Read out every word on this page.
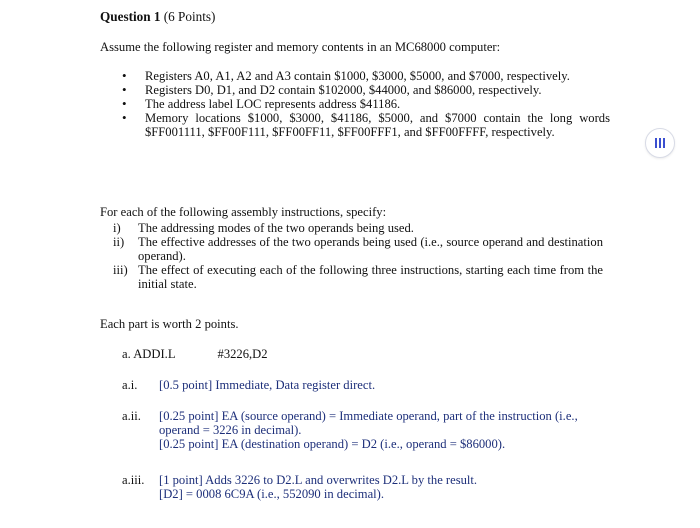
Question 1 (6 Points)
Assume the following register and memory contents in an MC68000 computer:
• Registers A0, A1, A2 and A3 contain $1000, $3000, $5000, and $7000, respectively.
• Registers D0, D1, and D2 contain $102000, $44000, and $86000, respectively.
• The address label LOC represents address $41186.
• Memory locations $1000, $3000, $41186, $5000, and $7000 contain the long words $FF001111, $FF00F111, $FF00FF11, $FF00FFF1, and $FF00FFFF, respectively.
For each of the following assembly instructions, specify:
i) The addressing modes of the two operands being used.
ii) The effective addresses of the two operands being used (i.e., source operand and destination operand).
iii) The effect of executing each of the following three instructions, starting each time from the initial state.
Each part is worth 2 points.
a. ADDI.L	#3226,D2
a.i. [0.5 point] Immediate, Data register direct.
a.ii. [0.25 point] EA (source operand) = Immediate operand, part of the instruction (i.e., operand = 3226 in decimal).
[0.25 point] EA (destination operand) = D2 (i.e., operand = $86000).
a.iii. [1 point] Adds 3226 to D2.L and overwrites D2.L by the result.
[D2] = 0008 6C9A (i.e., 552090 in decimal).
